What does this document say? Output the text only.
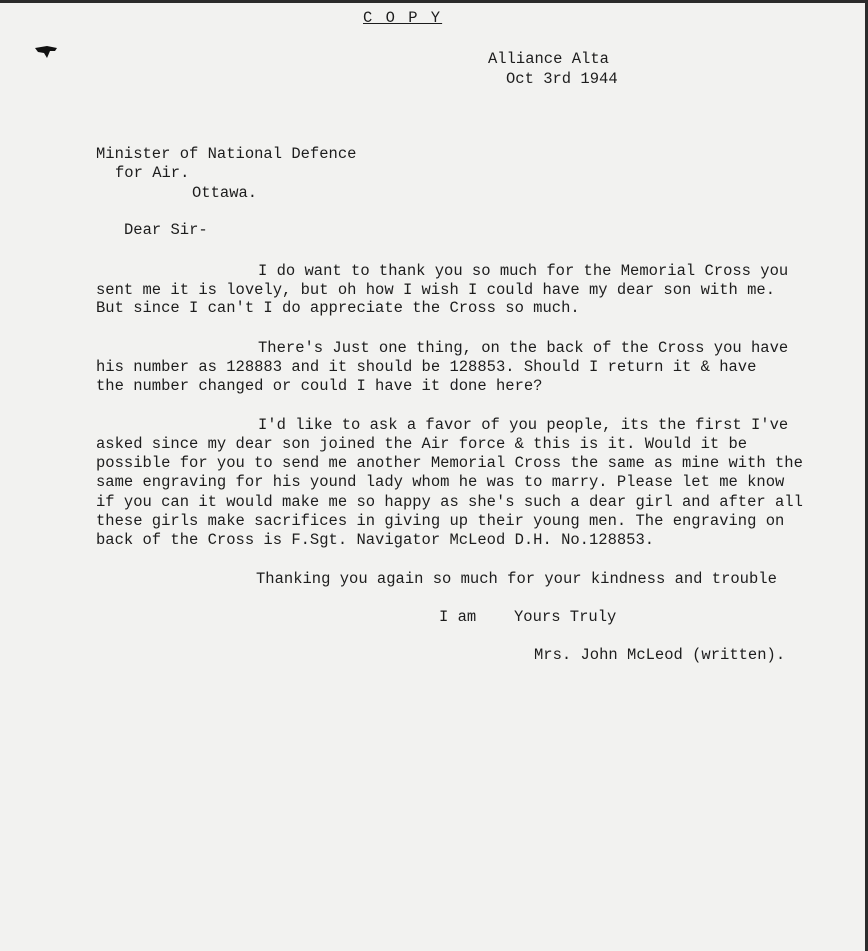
C O P Y
Alliance Alta
Oct 3rd 1944
Minister of National Defence
for Air.
Ottawa.
Dear Sir-
I do want to thank you so much for the Memorial Cross you
sent me it is lovely, but oh how I wish I could have my dear son with me.
But since I can't I do appreciate the Cross so much.
There's Just one thing, on the back of the Cross you have
his number as 128883 and it should be 128853. Should I return it & have
the number changed or could I have it done here?
I'd like to ask a favor of you people, its the first I've
asked since my dear son joined the Air force & this is it. Would it be
possible for you to send me another Memorial Cross the same as mine with the
same engraving for his yound lady whom he was to marry. Please let me know
if you can it would make me so happy as she's such a dear girl and after all
these girls make sacrifices in giving up their young men. The engraving on
back of the Cross is F.Sgt. Navigator McLeod D.H. No.128853.
Thanking you again so much for your kindness and trouble
I am Yours Truly
Mrs. John McLeod (written).
